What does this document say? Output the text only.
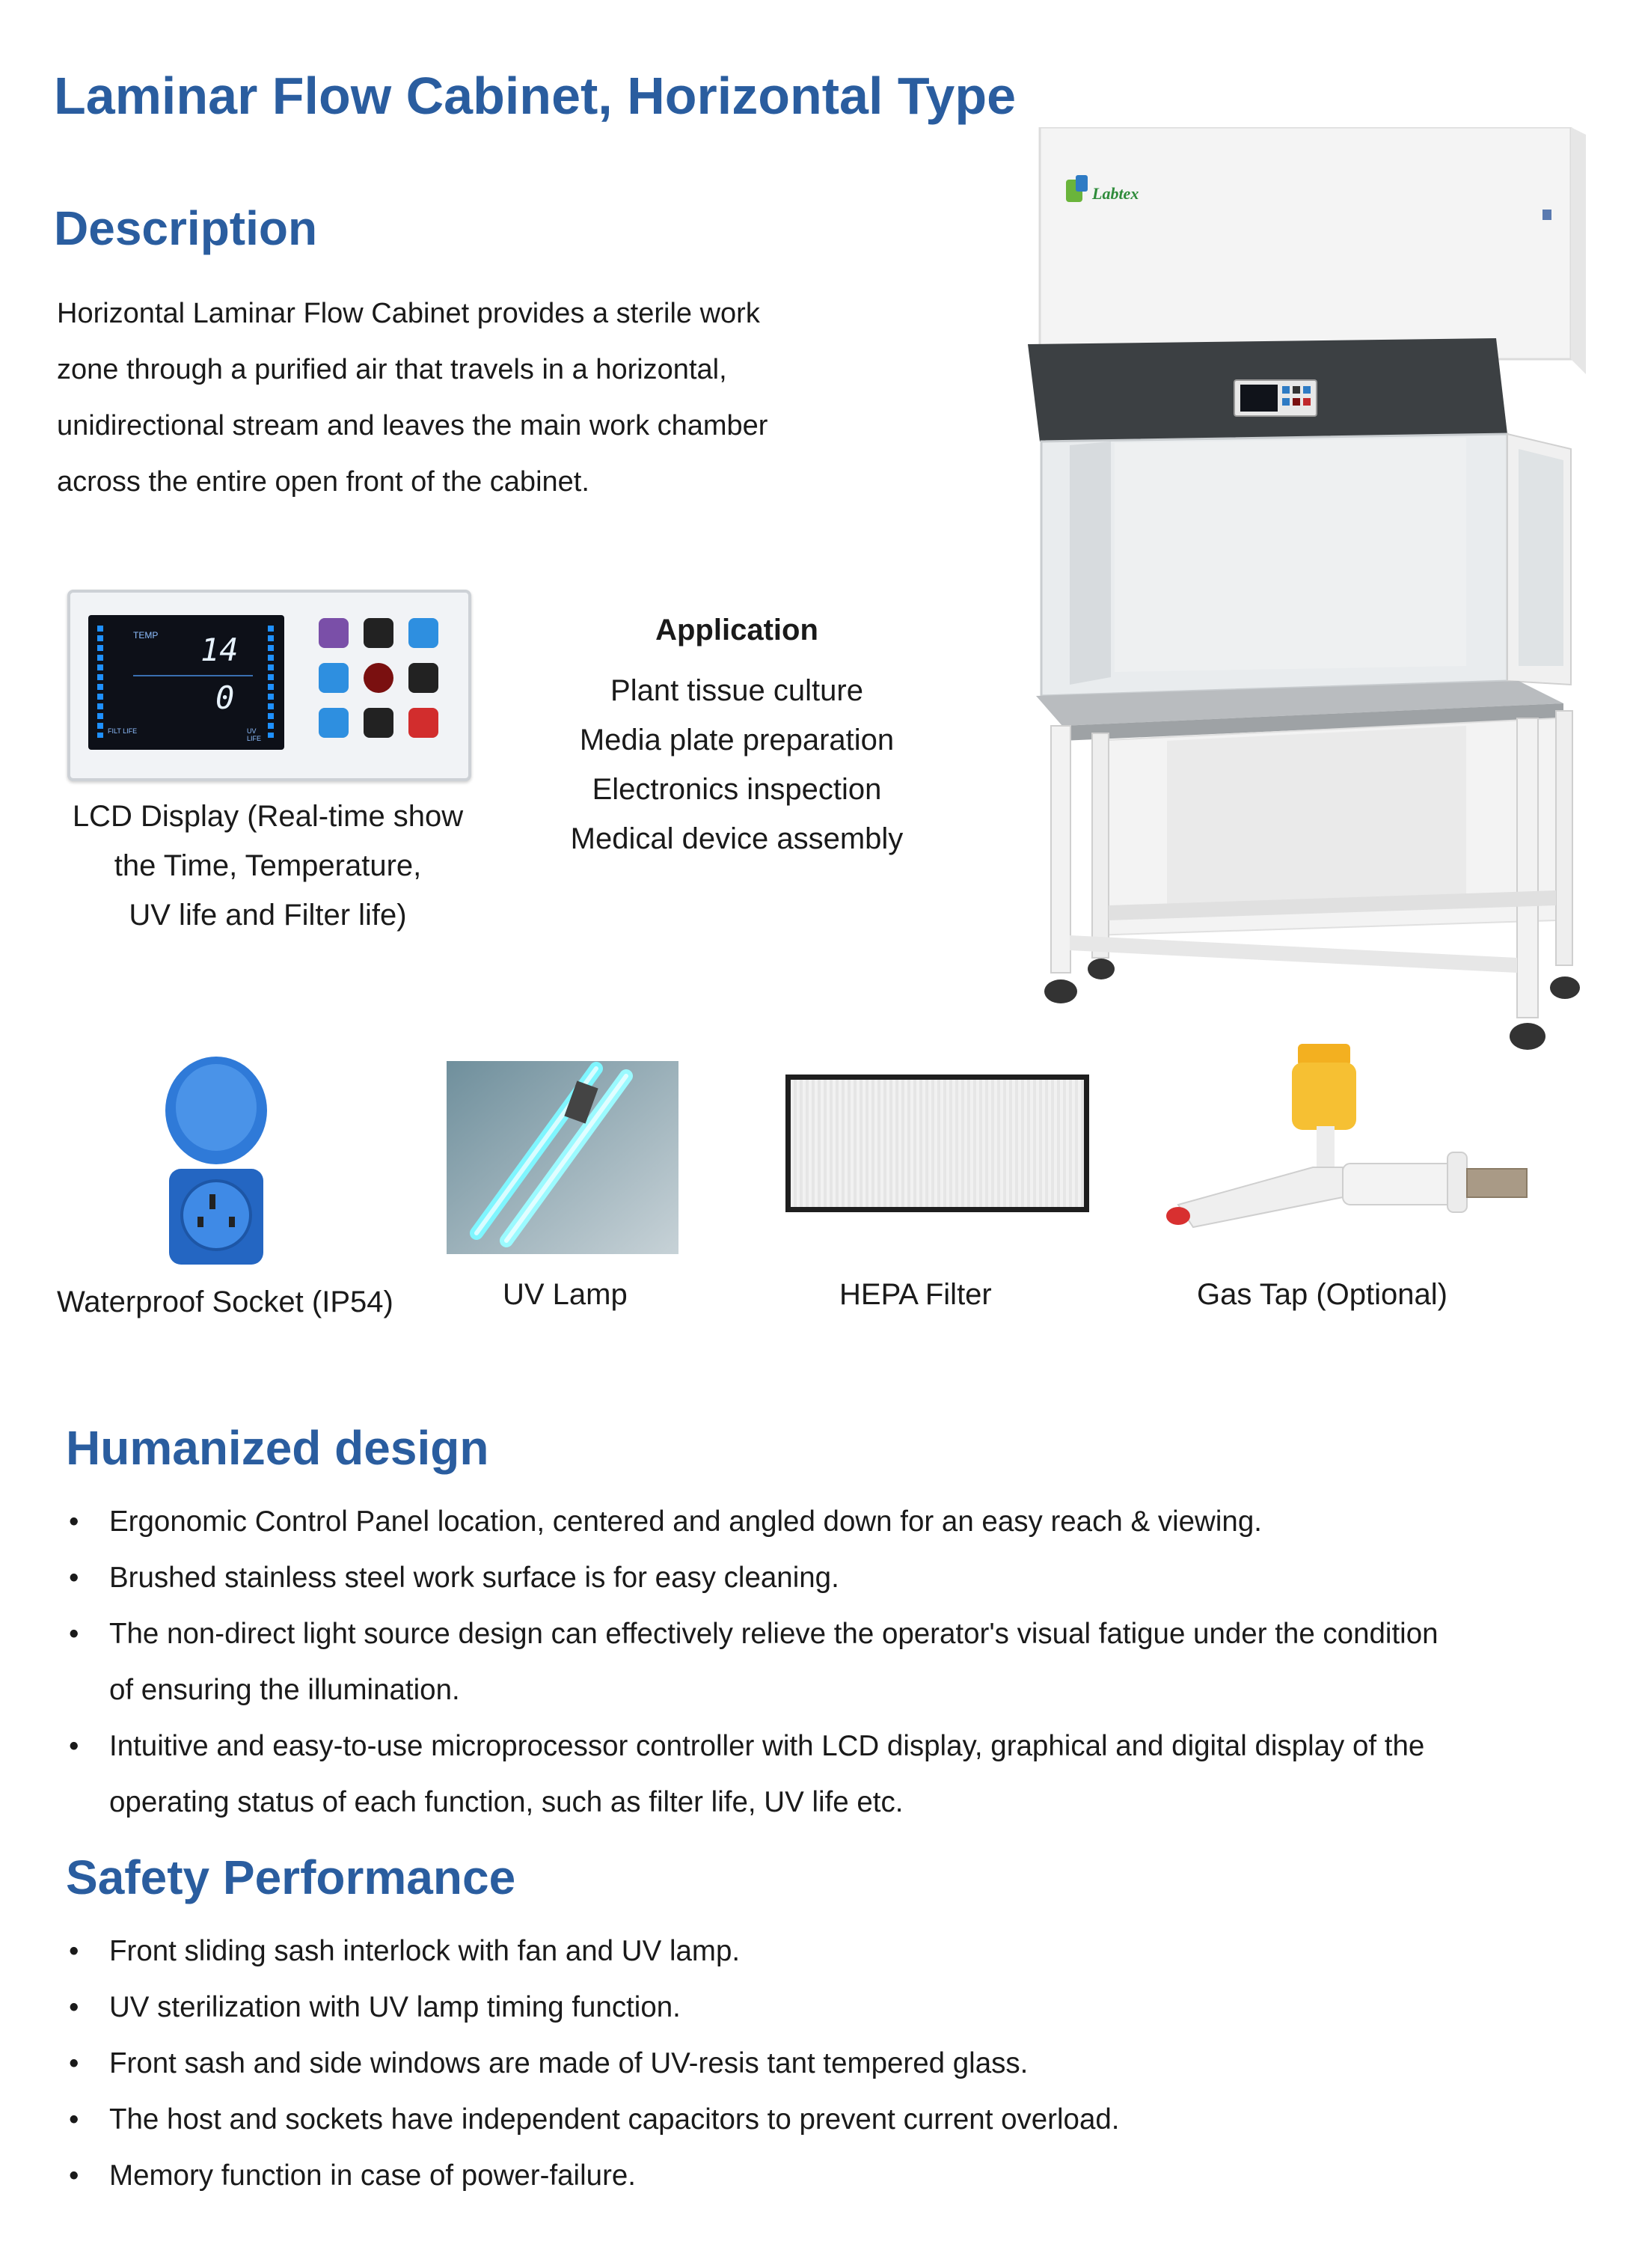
Laminar Flow Cabinet, Horizontal Type
Description
Horizontal Laminar Flow Cabinet provides a sterile work
zone through a purified air that travels in a horizontal,
unidirectional stream and leaves the main work chamber
across the entire open front of the cabinet.
Labtex
TEMP 14
0
FILT LIFE	UV LIFE
LCD Display (Real-time show
the Time, Temperature,
UV life and Filter life)
Application
Plant tissue culture
Media plate preparation
Electronics inspection
Medical device assembly
Waterproof Socket (IP54)	UV Lamp	HEPA Filter	Gas Tap (Optional)
Humanized design
• Ergonomic Control Panel location, centered and angled down for an easy reach & viewing.
• Brushed stainless steel work surface is for easy cleaning.
• The non-direct light source design can effectively relieve the operator's visual fatigue under the condition
of ensuring the illumination.
• Intuitive and easy-to-use microprocessor controller with LCD display, graphical and digital display of the
operating status of each function, such as filter life, UV life etc.
Safety Performance
• Front sliding sash interlock with fan and UV lamp.
• UV sterilization with UV lamp timing function.
• Front sash and side windows are made of UV-resis tant tempered glass.
• The host and sockets have independent capacitors to prevent current overload.
• Memory function in case of power-failure.
